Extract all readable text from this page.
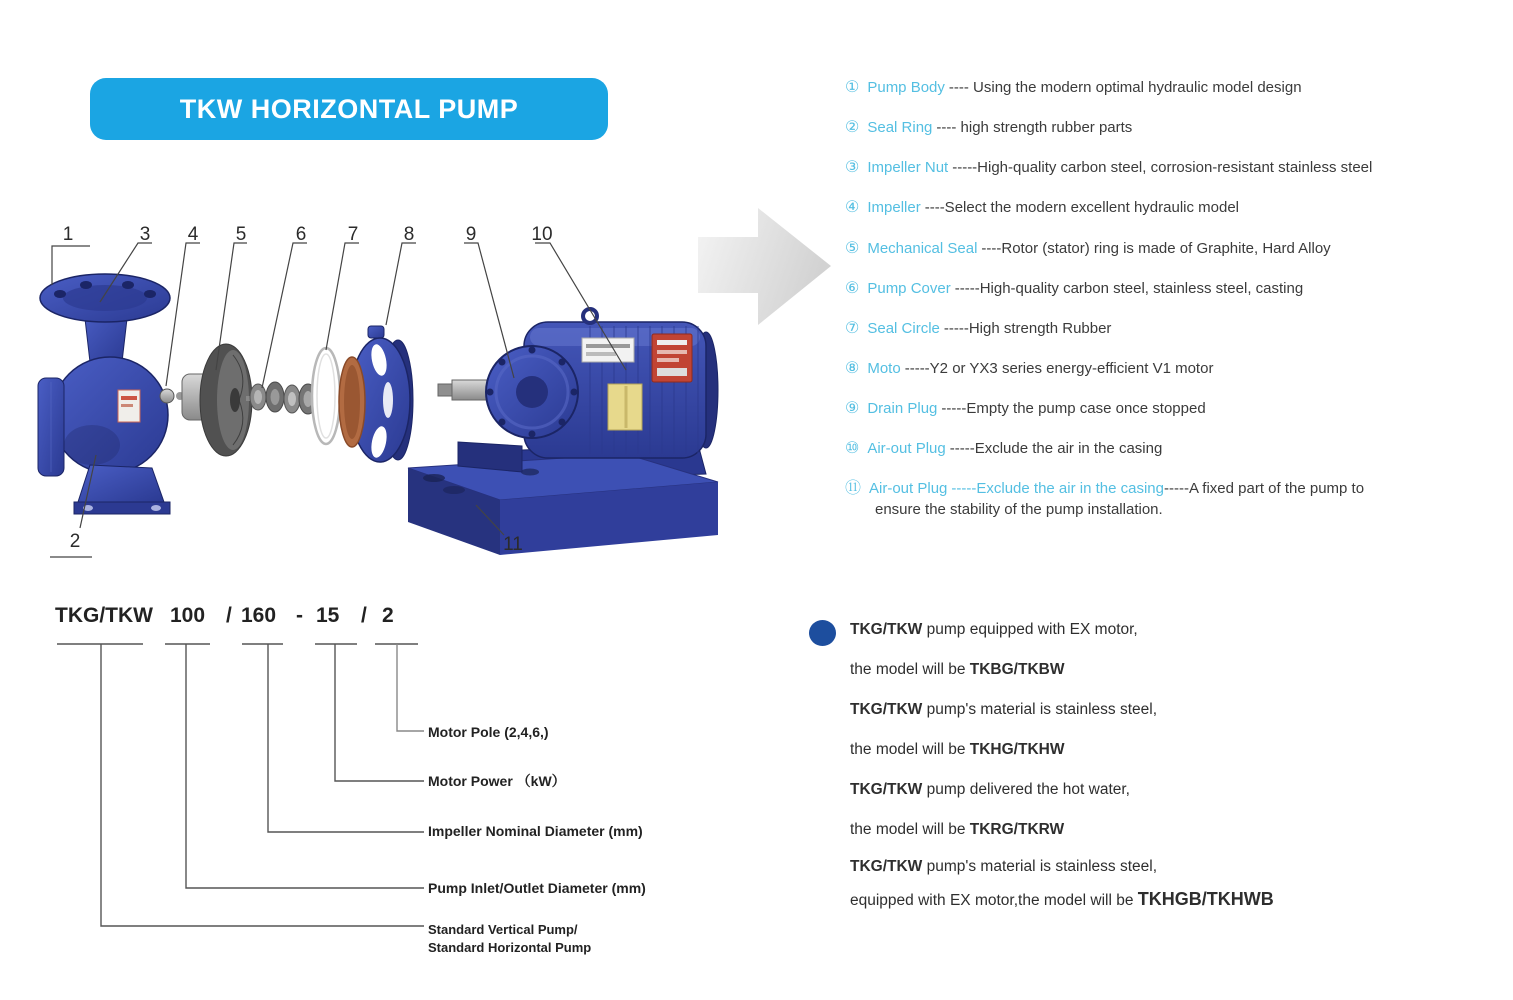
TKW HORIZONTAL PUMP
1	3 4 5	6 7 8	9	10
2	11
① Pump Body ---- Using the modern optimal hydraulic model design
② Seal Ring ---- high strength rubber parts
③ Impeller Nut -----High-quality carbon steel, corrosion-resistant stainless steel
④ Impeller ----Select the modern excellent hydraulic model
⑤ Mechanical Seal ----Rotor (stator) ring is made of Graphite, Hard Alloy
⑥ Pump Cover -----High-quality carbon steel, stainless steel, casting
⑦ Seal Circle -----High strength Rubber
⑧ Moto -----Y2 or YX3 series energy-efficient V1 motor
⑨ Drain Plug -----Empty the pump case once stopped
⑩ Air-out Plug -----Exclude the air in the casing
⑪ Air-out Plug -----Exclude the air in the casing-----A fixed part of the pump to
ensure the stability of the pump installation.
TKG/TKW 100 / 160 - 15 / 2
Motor Pole (2,4,6,)
Motor Power （kW）
Impeller Nominal Diameter (mm)
Pump Inlet/Outlet Diameter (mm)
Standard Vertical Pump/
Standard Horizontal Pump
TKG/TKW pump equipped with EX motor,
the model will be TKBG/TKBW
TKG/TKW pump's material is stainless steel,
the model will be TKHG/TKHW
TKG/TKW pump delivered the hot water,
the model will be TKRG/TKRW
TKG/TKW pump's material is stainless steel,
equipped with EX motor,the model will be TKHGB/TKHWB
